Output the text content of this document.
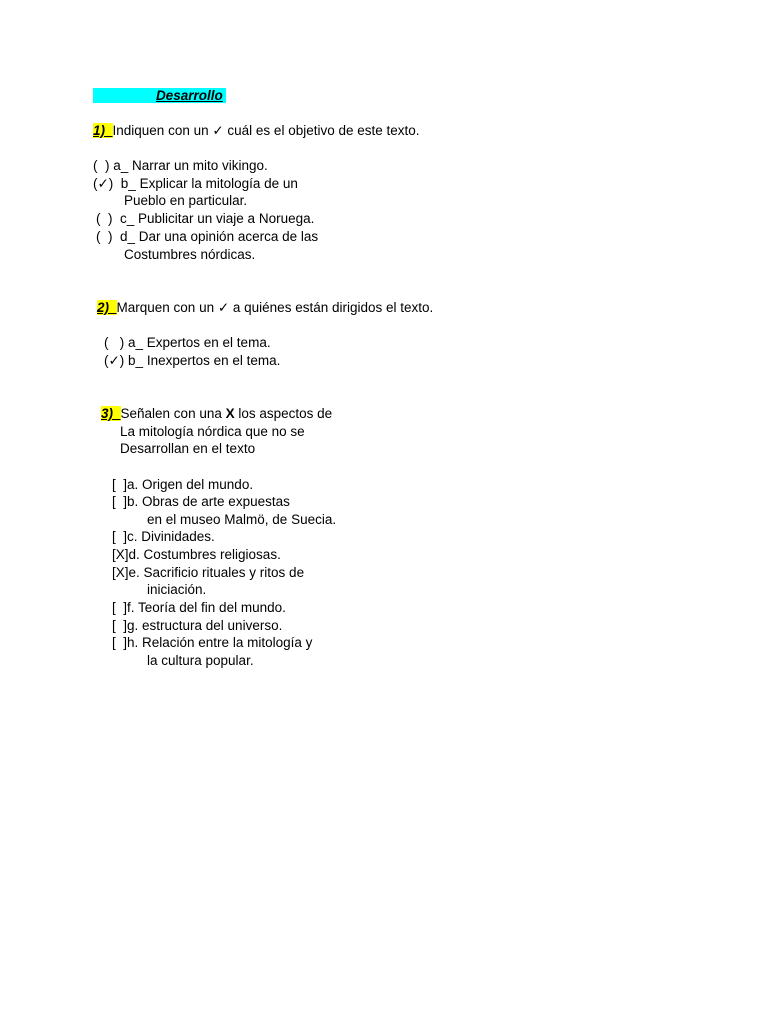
Desarrollo
1)_Indiquen con un ✓ cuál es el objetivo de este texto.
(  ) a_ Narrar un mito vikingo.
(✓)  b_ Explicar la mitología de un
Pueblo en particular.
(  )  c_ Publicitar un viaje a Noruega.
(  )  d_ Dar una opinión acerca de las
Costumbres nórdicas.
2)_Marquen con un ✓ a quiénes están dirigidos el texto.
(   ) a_ Expertos en el tema.
(✓) b_ Inexpertos en el tema.
3)_Señalen con una X los aspectos de
La mitología nórdica que no se
Desarrollan en el texto
[  ]a. Origen del mundo.
[  ]b. Obras de arte expuestas
en el museo Malmö, de Suecia.
[  ]c. Divinidades.
[X]d. Costumbres religiosas.
[X]e. Sacrificio rituales y ritos de
iniciación.
[  ]f. Teoría del fin del mundo.
[  ]g. estructura del universo.
[  ]h. Relación entre la mitología y
la cultura popular.
